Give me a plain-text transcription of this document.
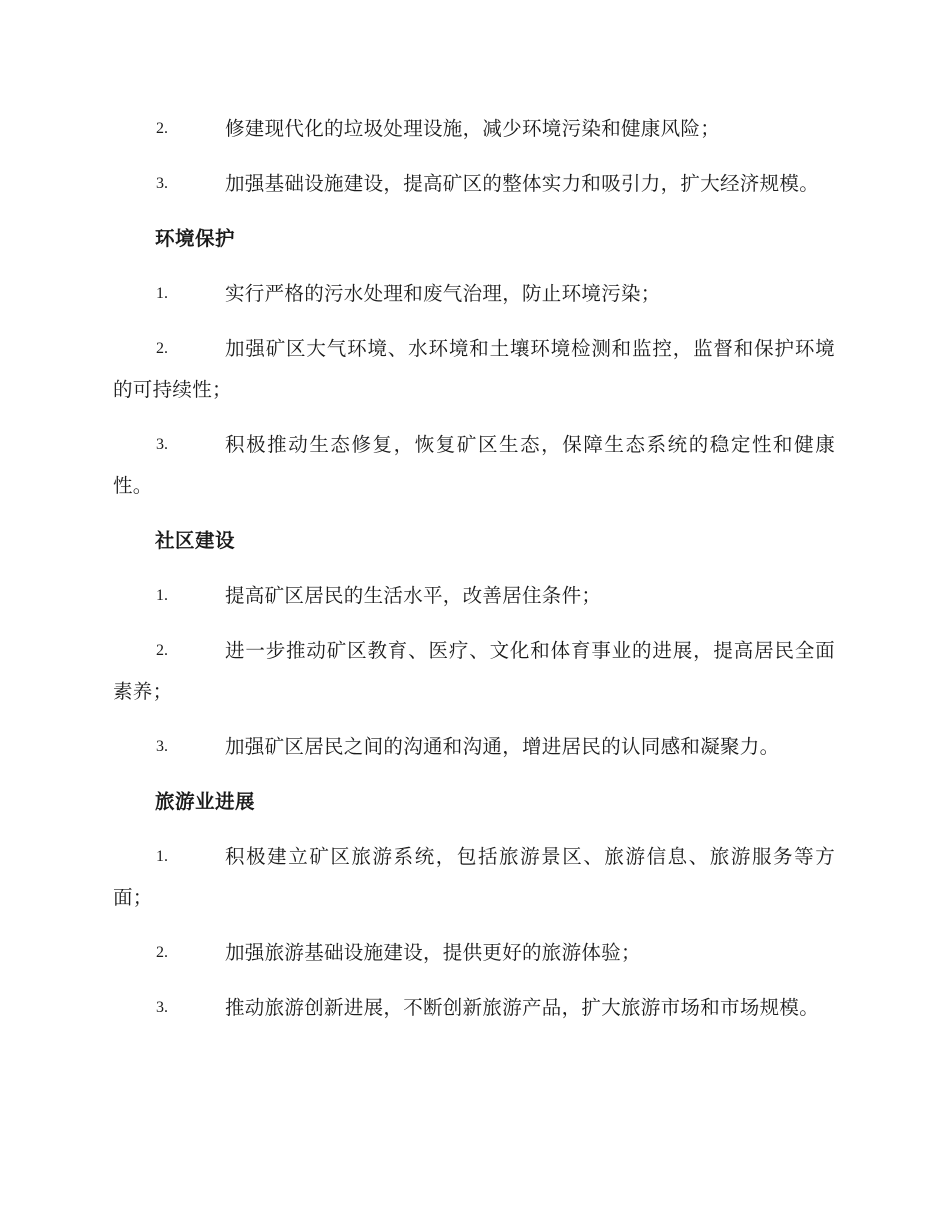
2.	修建现代化的垃圾处理设施，减少环境污染和健康风险；

3.	加强基础设施建设，提高矿区的整体实力和吸引力，扩大经济规模。

环境保护

1.	实行严格的污水处理和废气治理，防止环境污染；

2.	加强矿区大气环境、水环境和土壤环境检测和监控，监督和保护环境的可持续性；

3.	积极推动生态修复，恢复矿区生态，保障生态系统的稳定性和健康性。

社区建设

1.	提高矿区居民的生活水平，改善居住条件；

2.	进一步推动矿区教育、医疗、文化和体育事业的进展，提高居民全面素养；

3.	加强矿区居民之间的沟通和沟通，增进居民的认同感和凝聚力。

旅游业进展

1.	积极建立矿区旅游系统，包括旅游景区、旅游信息、旅游服务等方面；

2.	加强旅游基础设施建设，提供更好的旅游体验；

3.	推动旅游创新进展，不断创新旅游产品，扩大旅游市场和市场规模。
